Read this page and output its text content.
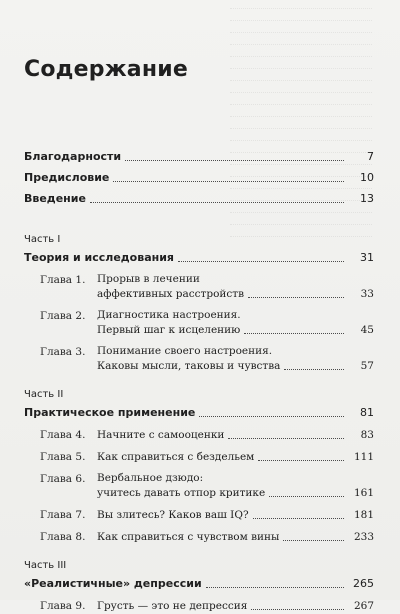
Содержание
Благодарности	7
Предисловие	10
Введение	13
Часть I
Теория и исследования	31
Глава 1.	Прорыв в лечении
аффективных расстройств	33
Глава 2.	Диагностика настроения.
Первый шаг к исцелению	45
Глава 3.	Понимание своего настроения.
Каковы мысли, таковы и чувства	57
Часть II
Практическое применение	81
Глава 4.	Начните с самооценки	83
Глава 5.	Как справиться с бездельем	111
Глава 6.	Вербальное дзюдо:
учитесь давать отпор критике	161
Глава 7.	Вы злитесь? Каков ваш IQ?	181
Глава 8.	Как справиться с чувством вины	233
Часть III
«Реалистичные» депрессии	265
Глава 9.	Грусть — это не депрессия	267
